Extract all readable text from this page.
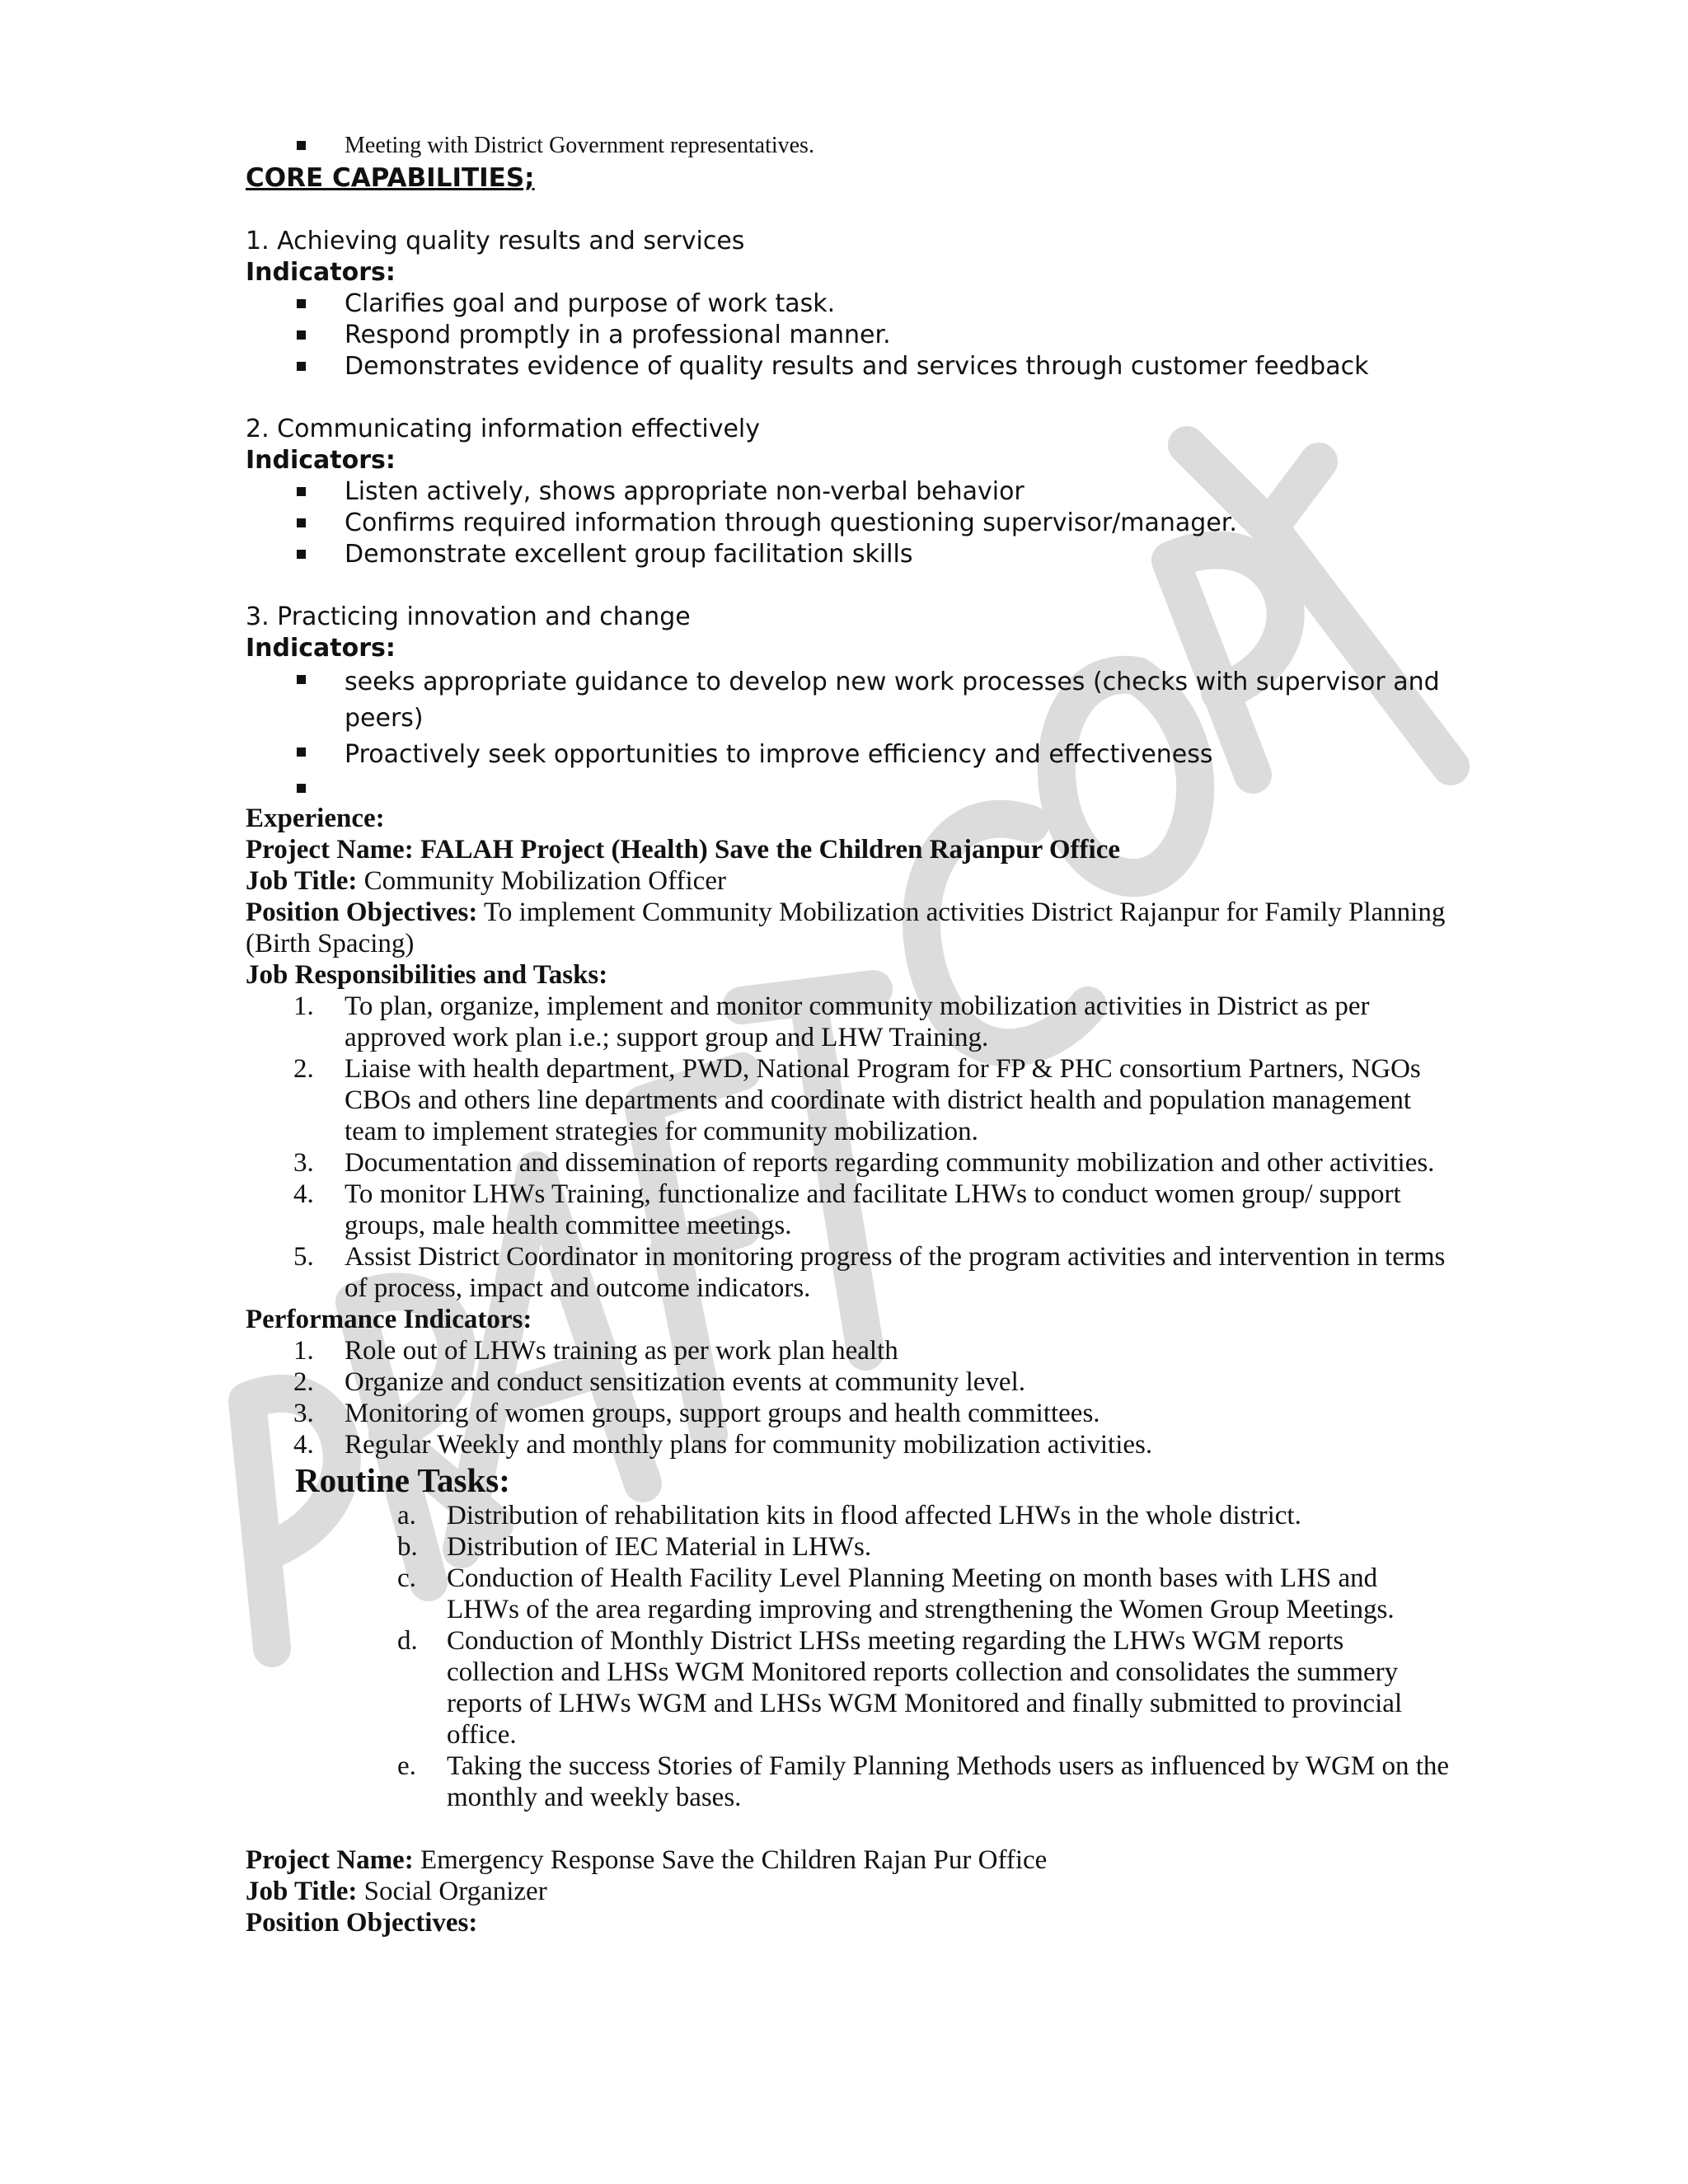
Meeting with District Government representatives.
CORE CAPABILITIES;
1. Achieving quality results and services
Indicators:
Clarifies goal and purpose of work task.
Respond promptly in a professional manner.
Demonstrates evidence of quality results and services through customer feedback
2. Communicating information effectively
Indicators:
Listen actively, shows appropriate non-verbal behavior
Confirms required information through questioning supervisor/manager.
Demonstrate excellent group facilitation skills
3. Practicing innovation and change
Indicators:
seeks appropriate guidance to develop new work processes (checks with supervisor and peers)
Proactively seek opportunities to improve efficiency and effectiveness
Experience:
Project Name: FALAH Project (Health) Save the Children Rajanpur Office
Job Title: Community Mobilization Officer
Position Objectives: To implement Community Mobilization activities District Rajanpur for Family Planning
(Birth Spacing)
Job Responsibilities and Tasks:
1. To plan, organize, implement and monitor community mobilization activities in District as per
approved work plan i.e.; support group and LHW Training.
2. Liaise with health department, PWD, National Program for FP & PHC consortium Partners, NGOs
CBOs and others line departments and coordinate with district health and population management
team to implement strategies for community mobilization.
3. Documentation and dissemination of reports regarding community mobilization and other activities.
4. To monitor LHWs Training, functionalize and facilitate LHWs to conduct women group/ support
groups, male health committee meetings.
5. Assist District Coordinator in monitoring progress of the program activities and intervention in terms
of process, impact and outcome indicators.
Performance Indicators:
1. Role out of LHWs training as per work plan health
2. Organize and conduct sensitization events at community level.
3. Monitoring of women groups, support groups and health committees.
4. Regular Weekly and monthly plans for community mobilization activities.
Routine Tasks:
a. Distribution of rehabilitation kits in flood affected LHWs in the whole district.
b. Distribution of IEC Material in LHWs.
c. Conduction of Health Facility Level Planning Meeting on month bases with LHS and
LHWs of the area regarding improving and strengthening the Women Group Meetings.
d. Conduction of Monthly District LHSs meeting regarding the LHWs WGM reports
collection and LHSs WGM Monitored reports collection and consolidates the summery
reports of LHWs WGM and LHSs WGM Monitored and finally submitted to provincial
office.
e. Taking the success Stories of Family Planning Methods users as influenced by WGM on the
monthly and weekly bases.
Project Name: Emergency Response Save the Children Rajan Pur Office
Job Title: Social Organizer
Position Objectives:
